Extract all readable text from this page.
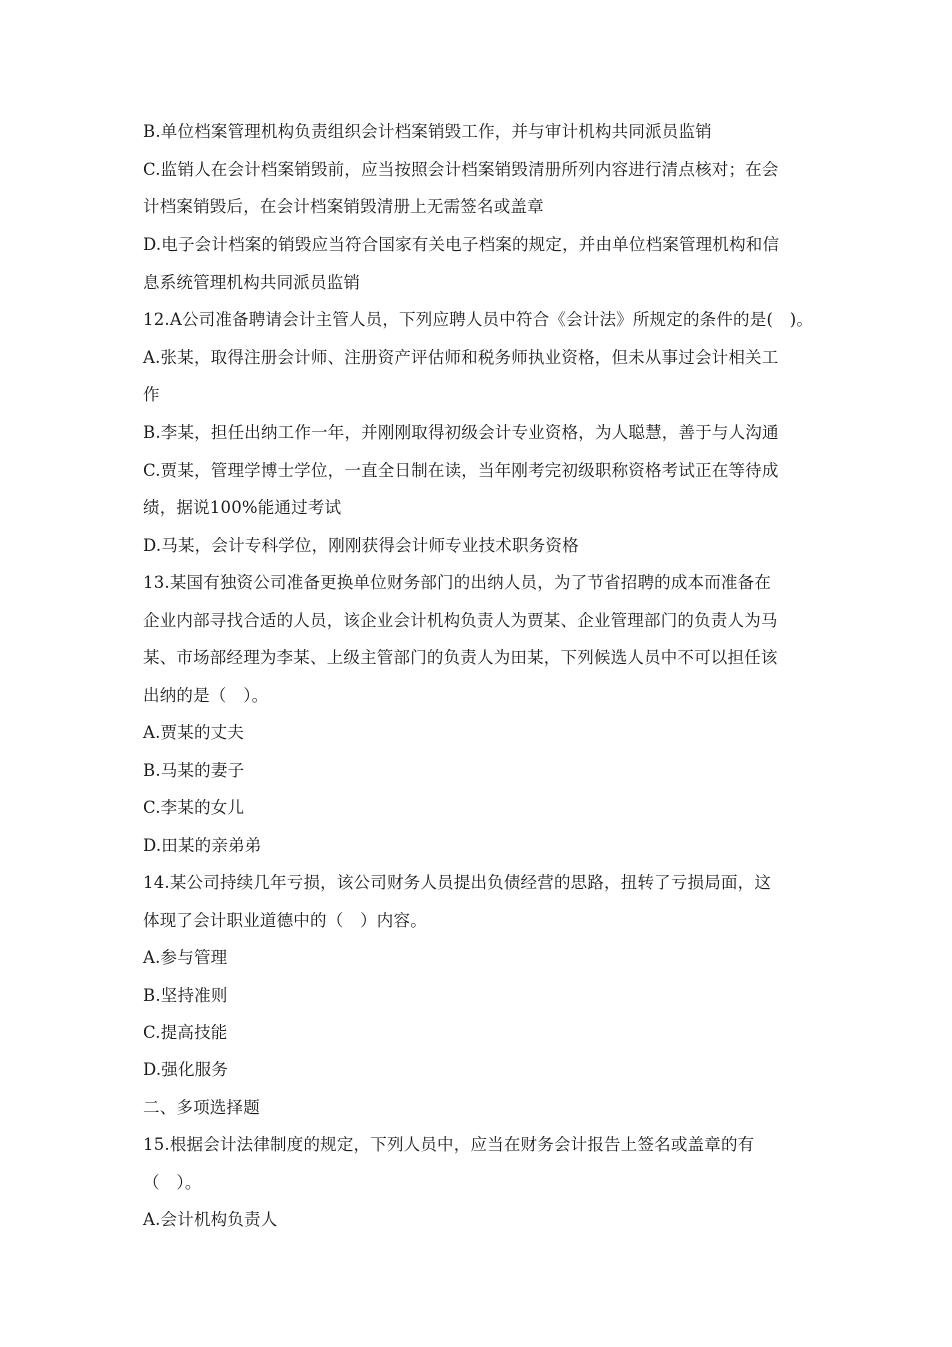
B.单位档案管理机构负责组织会计档案销毁工作，并与审计机构共同派员监销
C.监销人在会计档案销毁前，应当按照会计档案销毁清册所列内容进行清点核对；在会
计档案销毁后，在会计档案销毁清册上无需签名或盖章
D.电子会计档案的销毁应当符合国家有关电子档案的规定，并由单位档案管理机构和信
息系统管理机构共同派员监销
12.A公司准备聘请会计主管人员，下列应聘人员中符合《会计法》所规定的条件的是(　)。
A.张某，取得注册会计师、注册资产评估师和税务师执业资格，但未从事过会计相关工
作
B.李某，担任出纳工作一年，并刚刚取得初级会计专业资格，为人聪慧，善于与人沟通
C.贾某，管理学博士学位，一直全日制在读，当年刚考完初级职称资格考试正在等待成
绩，据说100%能通过考试
D.马某，会计专科学位，刚刚获得会计师专业技术职务资格
13.某国有独资公司准备更换单位财务部门的出纳人员，为了节省招聘的成本而准备在
企业内部寻找合适的人员，该企业会计机构负责人为贾某、企业管理部门的负责人为马
某、市场部经理为李某、上级主管部门的负责人为田某，下列候选人员中不可以担任该
出纳的是（　）。
A.贾某的丈夫
B.马某的妻子
C.李某的女儿
D.田某的亲弟弟
14.某公司持续几年亏损，该公司财务人员提出负债经营的思路，扭转了亏损局面，这
体现了会计职业道德中的（　）内容。
A.参与管理
B.坚持准则
C.提高技能
D.强化服务
二、多项选择题
15.根据会计法律制度的规定，下列人员中，应当在财务会计报告上签名或盖章的有
（　）。
A.会计机构负责人
